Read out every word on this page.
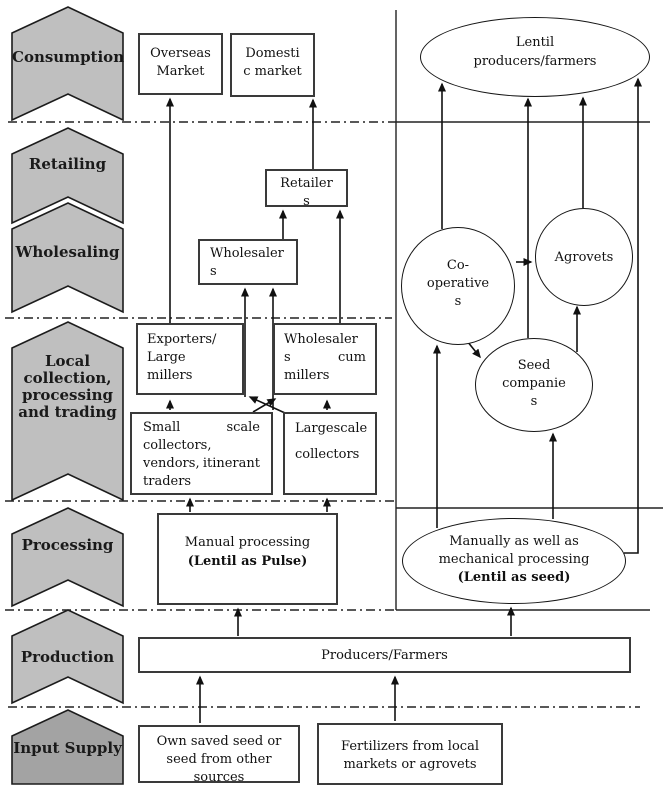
Consumption
Retailing
Wholesaling
Local
collection,
processing
and trading
Processing
Production
Input Supply
Overseas
Market
Domesti
c market
Retailer
s
Wholesaler
s
Exporters/
Large millers
Wholesaler
s	cum
millers
Small	scale
collectors,
vendors, itinerant
traders
Large scale
collectors
Manual processing
(Lentil as Pulse)
Producers/Farmers
Own saved seed or
seed from other
sources
Fertilizers from local
markets or agrovets
Lentil
producers/farmers
Co-
operative
s
Agrovets
Seed
companie
s
Manually as well as
mechanical processing
(Lentil as seed)
